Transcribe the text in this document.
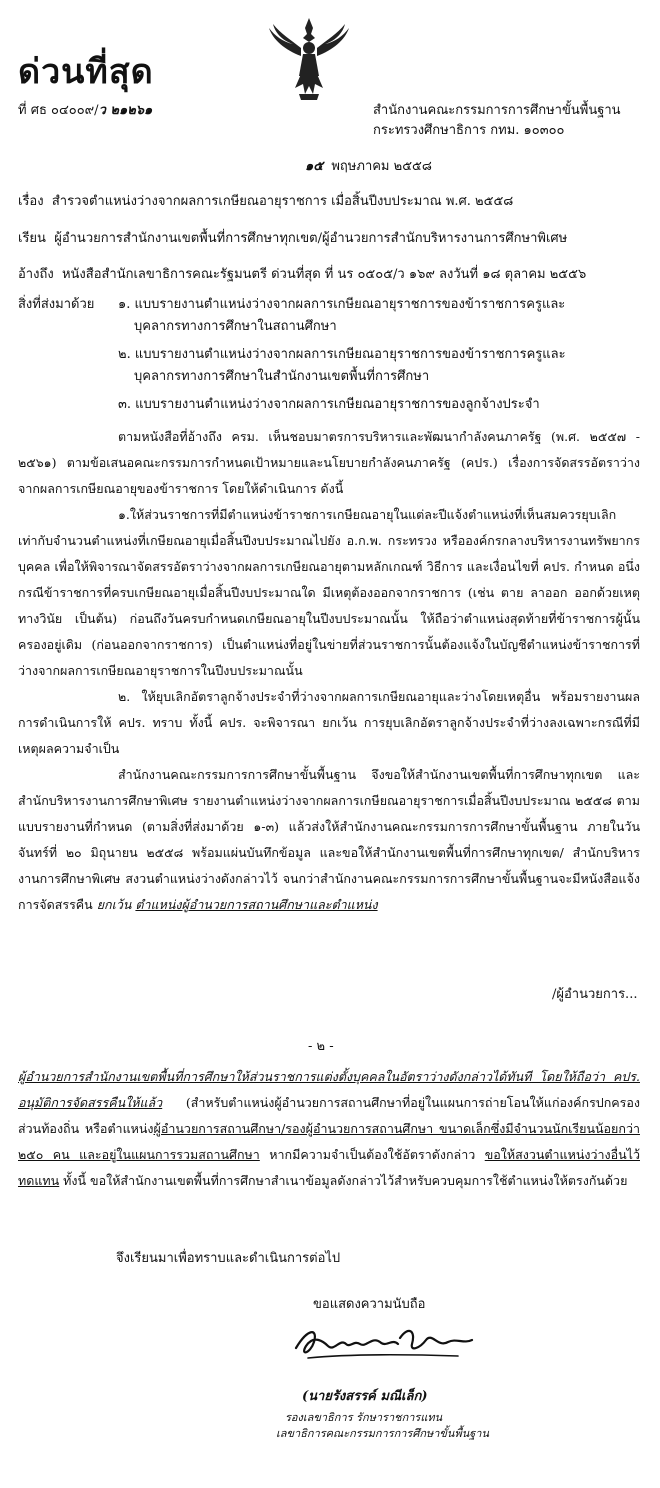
ด่วนที่สุด
ที่ ศธ ๐๔๐๐๙/ว ๒๑๒๖๑	สำนักงานคณะกรรมการการศึกษาขั้นพื้นฐาน
กระทรวงศึกษาธิการ กทม. ๑๐๓๐๐
๑๕ พฤษภาคม ๒๕๕๘
เรื่อง สำรวจตำแหน่งว่างจากผลการเกษียณอายุราชการ เมื่อสิ้นปีงบประมาณ พ.ศ. ๒๕๕๘
เรียน ผู้อำนวยการสำนักงานเขตพื้นที่การศึกษาทุกเขต/ผู้อำนวยการสำนักบริหารงานการศึกษาพิเศษ
อ้างถึง หนังสือสำนักเลขาธิการคณะรัฐมนตรี ด่วนที่สุด ที่ นร ๐๕๐๕/ว ๑๖๙ ลงวันที่ ๑๘ ตุลาคม ๒๕๕๖
สิ่งที่ส่งมาด้วย ๑. แบบรายงานตำแหน่งว่างจากผลการเกษียณอายุราชการของข้าราชการครูและ
บุคลากรทางการศึกษาในสถานศึกษา
๒. แบบรายงานตำแหน่งว่างจากผลการเกษียณอายุราชการของข้าราชการครูและ
บุคลากรทางการศึกษาในสำนักงานเขตพื้นที่การศึกษา
๓. แบบรายงานตำแหน่งว่างจากผลการเกษียณอายุราชการของลูกจ้างประจำ
ตามหนังสือที่อ้างถึง ครม. เห็นชอบมาตรการบริหารและพัฒนากำลังคนภาครัฐ (พ.ศ. ๒๕๕๗ - ๒๕๖๑) ตามข้อเสนอคณะกรรมการกำหนดเป้าหมายและนโยบายกำลังคนภาครัฐ (คปร.) เรื่องการจัดสรรอัตราว่างจากผลการเกษียณอายุของข้าราชการ โดยให้ดำเนินการ ดังนี้
๑.ให้ส่วนราชการที่มีตำแหน่งข้าราชการเกษียณอายุในแต่ละปีแจ้งตำแหน่งที่เห็นสมควรยุบเลิกเท่ากับจำนวนตำแหน่งที่เกษียณอายุเมื่อสิ้นปีงบประมาณไปยัง อ.ก.พ. กระทรวง หรือองค์กรกลางบริหารงานทรัพยากรบุคคล เพื่อให้พิจารณาจัดสรรอัตราว่างจากผลการเกษียณอายุตามหลักเกณฑ์ วิธีการ และเงื่อนไขที่ คปร. กำหนด อนึ่ง กรณีข้าราชการที่ครบเกษียณอายุเมื่อสิ้นปีงบประมาณใด มีเหตุต้องออกจากราชการ (เช่น ตาย ลาออก ออกด้วยเหตุทางวินัย เป็นต้น) ก่อนถึงวันครบกำหนดเกษียณอายุในปีงบประมาณนั้น ให้ถือว่าตำแหน่งสุดท้ายที่ข้าราชการผู้นั้นครองอยู่เดิม (ก่อนออกจากราชการ) เป็นตำแหน่งที่อยู่ในข่ายที่ส่วนราชการนั้นต้องแจ้งในบัญชีตำแหน่งข้าราชการที่ว่างจากผลการเกษียณอายุราชการในปีงบประมาณนั้น
๒. ให้ยุบเลิกอัตราลูกจ้างประจำที่ว่างจากผลการเกษียณอายุและว่างโดยเหตุอื่น พร้อมรายงานผลการดำเนินการให้ คปร. ทราบ ทั้งนี้ คปร. จะพิจารณา ยกเว้น การยุบเลิกอัตราลูกจ้างประจำที่ว่างลงเฉพาะกรณีที่มีเหตุผลความจำเป็น
สำนักงานคณะกรรมการการศึกษาขั้นพื้นฐาน จึงขอให้สำนักงานเขตพื้นที่การศึกษาทุกเขต และสำนักบริหารงานการศึกษาพิเศษ รายงานตำแหน่งว่างจากผลการเกษียณอายุราชการเมื่อสิ้นปีงบประมาณ ๒๕๕๘ ตามแบบรายงานที่กำหนด (ตามสิ่งที่ส่งมาด้วย ๑-๓) แล้วส่งให้สำนักงานคณะกรรมการการศึกษาขั้นพื้นฐาน ภายในวันจันทร์ที่ ๒๐ มิถุนายน ๒๕๕๘ พร้อมแผ่นบันทึกข้อมูล และขอให้สำนักงานเขตพื้นที่การศึกษาทุกเขต/ สำนักบริหารงานการศึกษาพิเศษ สงวนตำแหน่งว่างดังกล่าวไว้ จนกว่าสำนักงานคณะกรรมการการศึกษาขั้นพื้นฐานจะมีหนังสือแจ้งการจัดสรรคืน ยกเว้น ตำแหน่งผู้อำนวยการสถานศึกษาและตำแหน่ง
/ผู้อำนวยการ...
- ๒ -
ผู้อำนวยการสำนักงานเขตพื้นที่การศึกษาให้ส่วนราชการแต่งตั้งบุคคลในอัตราว่างดังกล่าวได้ทันที โดยให้ถือว่า คปร. อนุมัติการจัดสรรคืนให้แล้ว (สำหรับตำแหน่งผู้อำนวยการสถานศึกษาที่อยู่ในแผนการถ่ายโอนให้แก่องค์กรปกครองส่วนท้องถิ่น หรือตำแหน่งผู้อำนวยการสถานศึกษา/รองผู้อำนวยการสถานศึกษา ขนาดเล็กซึ่งมีจำนวนนักเรียนน้อยกว่า ๒๕๐ คน และอยู่ในแผนการรวมสถานศึกษา หากมีความจำเป็นต้องใช้อัตราดังกล่าว ขอให้สงวนตำแหน่งว่างอื่นไว้ทดแทน ทั้งนี้ ขอให้สำนักงานเขตพื้นที่การศึกษาสำเนาข้อมูลดังกล่าวไว้สำหรับควบคุมการใช้ตำแหน่งให้ตรงกันด้วย
จึงเรียนมาเพื่อทราบและดำเนินการต่อไป
ขอแสดงความนับถือ
(นายรังสรรค์ มณีเล็ก)
รองเลขาธิการ รักษาราชการแทน
เลขาธิการคณะกรรมการการศึกษาขั้นพื้นฐาน
